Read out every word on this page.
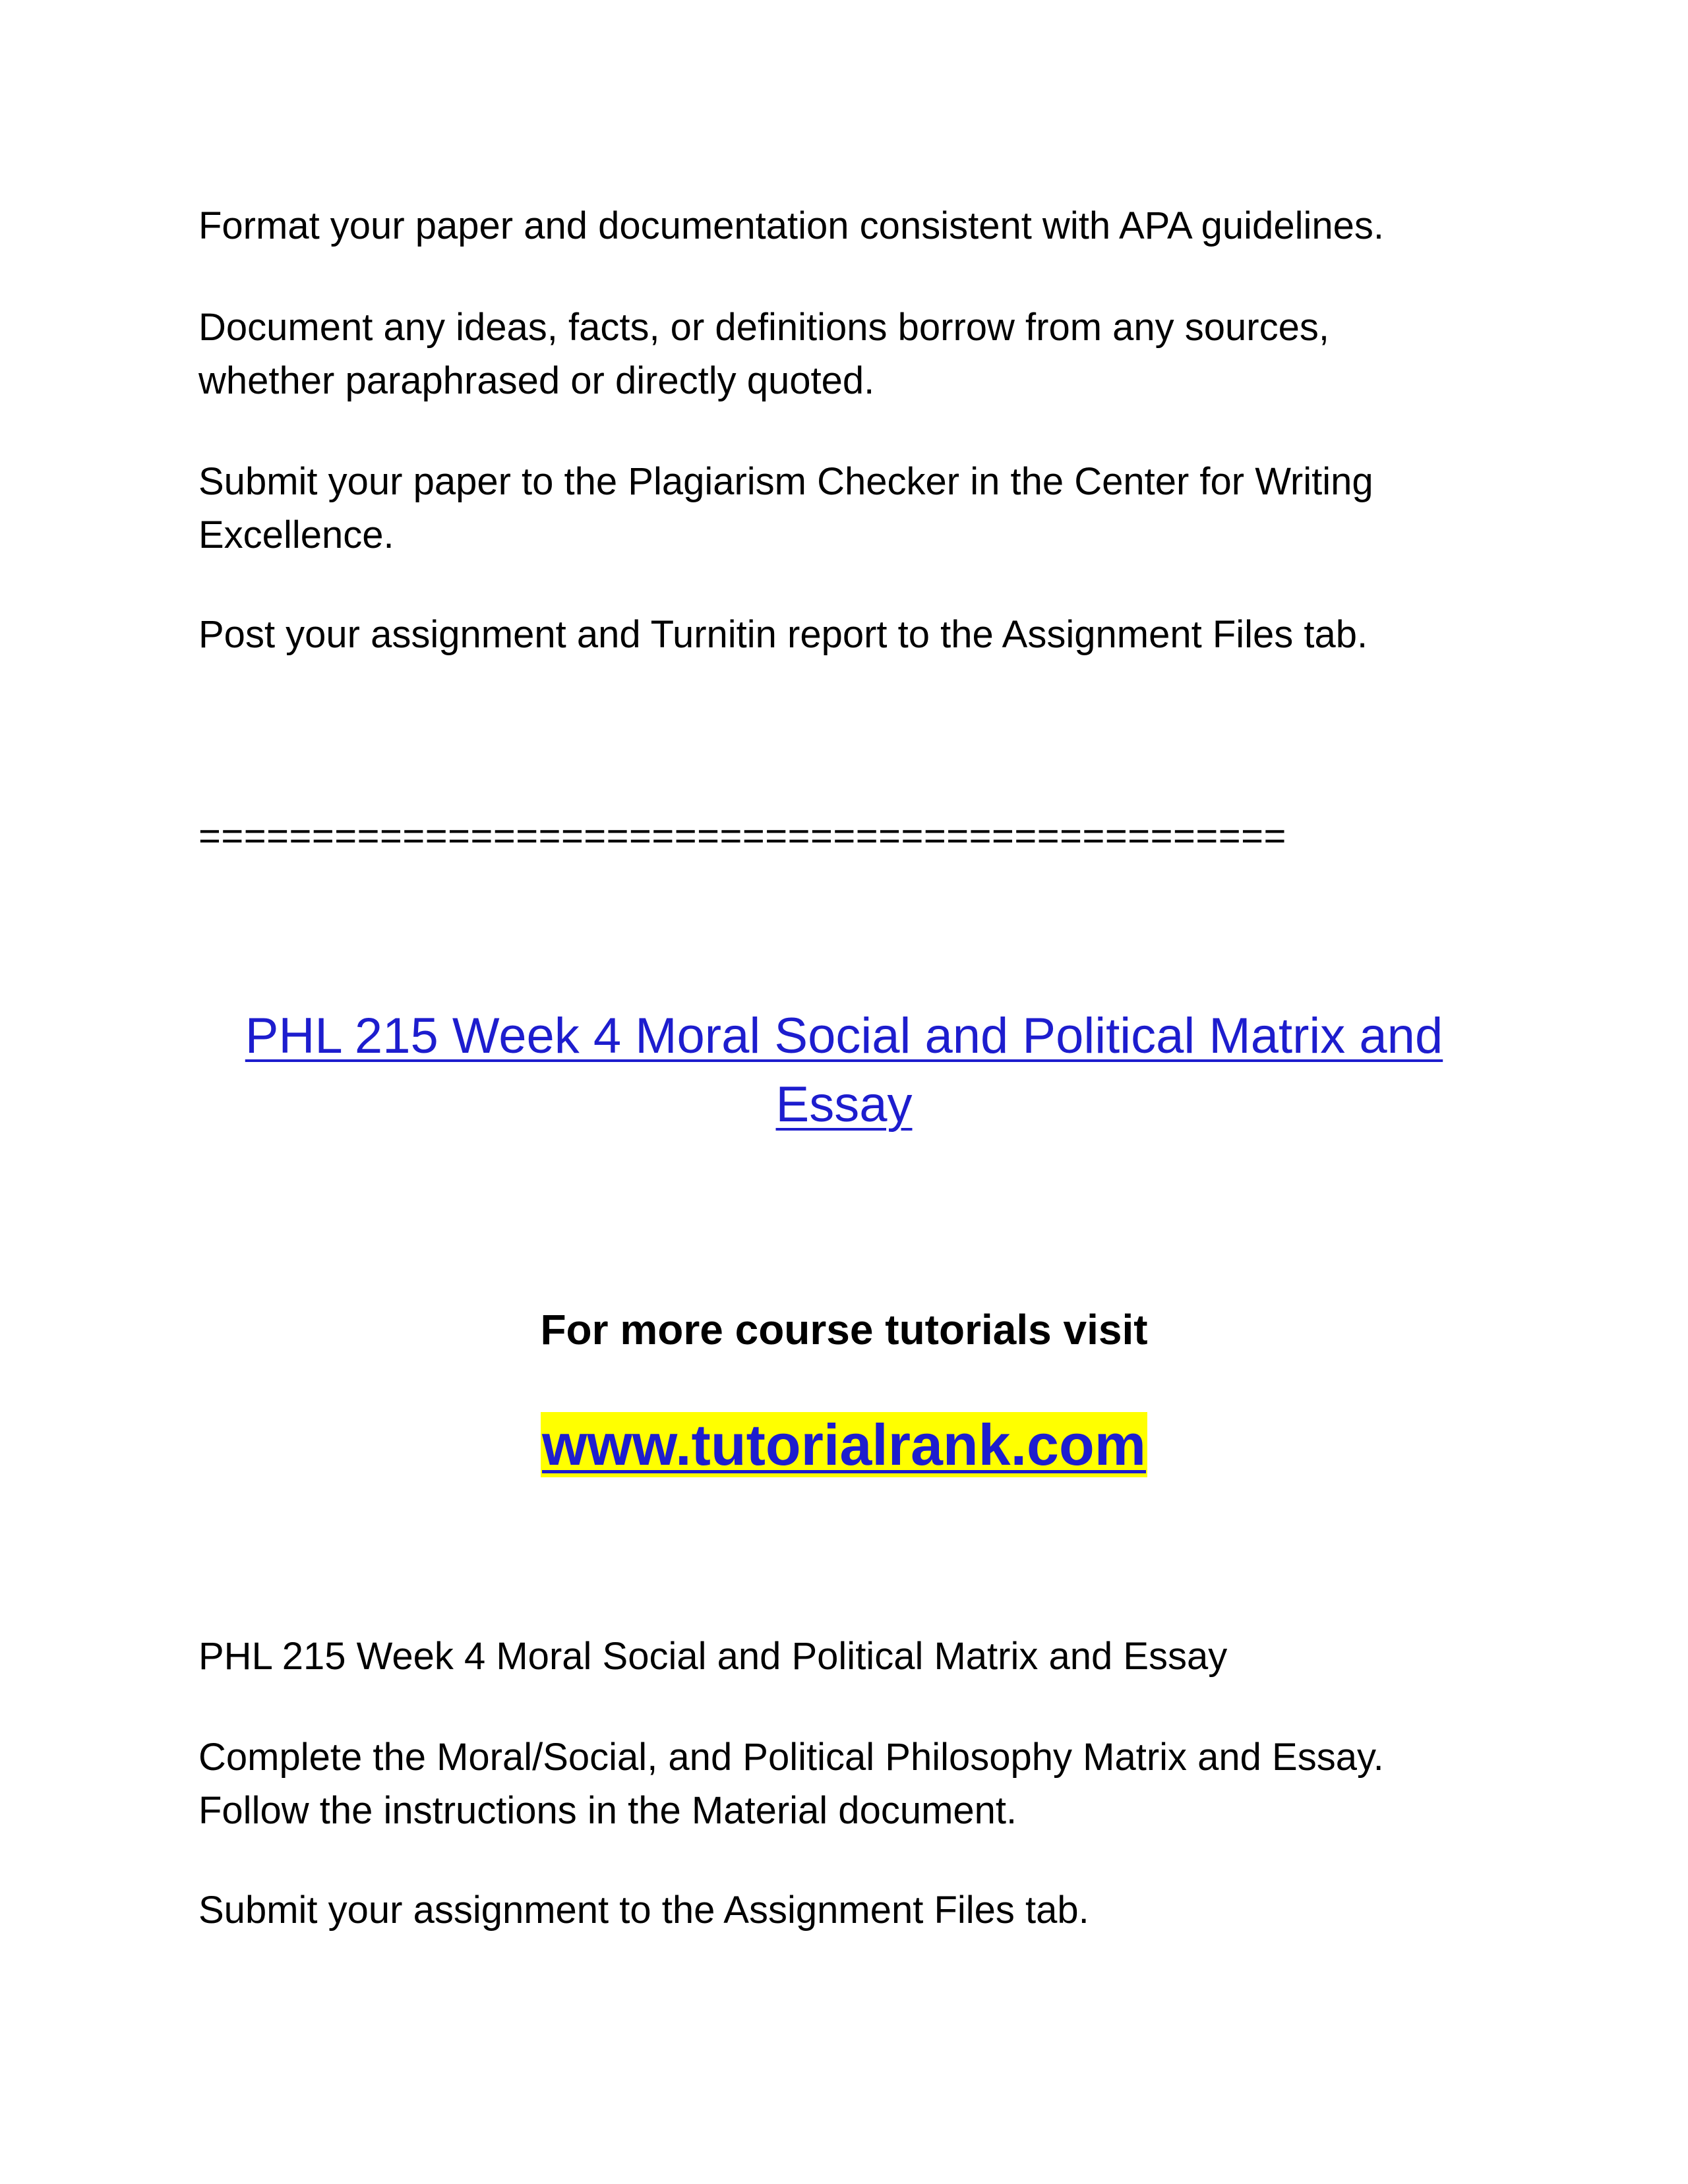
Format your paper and documentation consistent with APA guidelines.

Document any ideas, facts, or definitions borrow from any sources,
whether paraphrased or directly quoted.

Submit your paper to the Plagiarism Checker in the Center for Writing
Excellence.

Post your assignment and Turnitin report to the Assignment Files tab.

================================================

PHL 215 Week 4 Moral Social and Political Matrix and
Essay

For more course tutorials visit

www.tutorialrank.com

PHL 215 Week 4 Moral Social and Political Matrix and Essay

Complete the Moral/Social, and Political Philosophy Matrix and Essay.
Follow the instructions in the Material document.

Submit your assignment to the Assignment Files tab.
